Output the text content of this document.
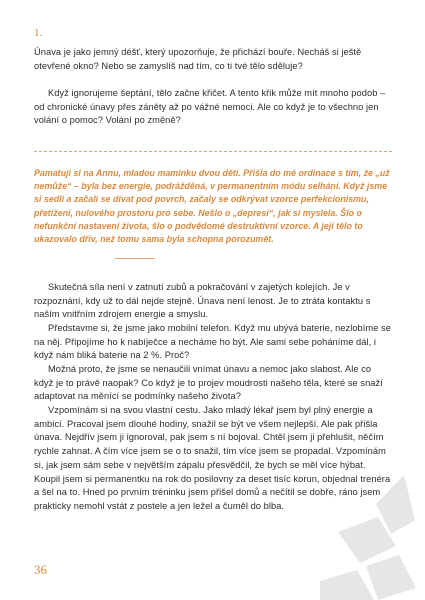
1.

Únava je jako jemný déšť, který upozorňuje, že přichází bouře. Necháš si ještě otevřené okno? Nebo se zamyslíš nad tím, co ti tvé tělo sděluje?

Když ignorujeme šeptání, tělo začne křičet. A tento křik může mít mnoho podob – od chronické únavy přes záněty až po vážné nemoci. Ale co když je to všechno jen volání o pomoc? Volání po změně?

Pamatuji si na Annu, mladou maminku dvou dětí. Přišla do mé ordinace s tím, že „už nemůže“ – byla bez energie, podrážděná, v permanentním módu selhání. Když jsme si sedli a začali se dívat pod povrch, začaly se odkrývat vzorce perfekcionismu, přetížení, nulového prostoru pro sebe. Nešlo o „depresi“, jak si myslela. Šlo o nefunkční nastavení života, šlo o podvědomé destruktivní vzorce. A její tělo to ukazovalo dřív, než tomu sama byla schopna porozumět.

Skutečná síla není v zatnutí zubů a pokračování v zajetých kolejích. Je v rozpoznání, kdy už to dál nejde stejně. Únava není lenost. Je to ztráta kontaktu s naším vnitřním zdrojem energie a smyslu.

Představme si, že jsme jako mobilní telefon. Když mu ubývá baterie, nezlobíme se na něj. Připojíme ho k nabíječce a necháme ho být. Ale sami sebe poháníme dál, i když nám bliká baterie na 2 %. Proč?

Možná proto, že jsme se nenaučili vnímat únavu a nemoc jako slabost. Ale co když je to právě naopak? Co když je to projev moudrosti našeho těla, které se snaží adaptovat na měnící se podmínky našeho života?

Vzpomínám si na svou vlastní cestu. Jako mladý lékař jsem byl plný energie a ambicí. Pracoval jsem dlouhé hodiny, snažil se být ve všem nejlepší. Ale pak přišla únava. Nejdřív jsem ji ignoroval, pak jsem s ní bojoval. Chtěl jsem ji přehlušit, něčím rychle zahnat. A čím více jsem se o to snažil, tím více jsem se propadal. Vzpomínám si, jak jsem sám sebe v největším zápalu přesvědčil, že bych se měl více hýbat. Koupil jsem si permanentku na rok do posilovny za deset tisíc korun, objednal trenéra a šel na to. Hned po prvním tréninku jsem přišel domů a nečítil se dobře, ráno jsem prakticky nemohl vstát z postele a jen ležel a čuměl do blba.

36
